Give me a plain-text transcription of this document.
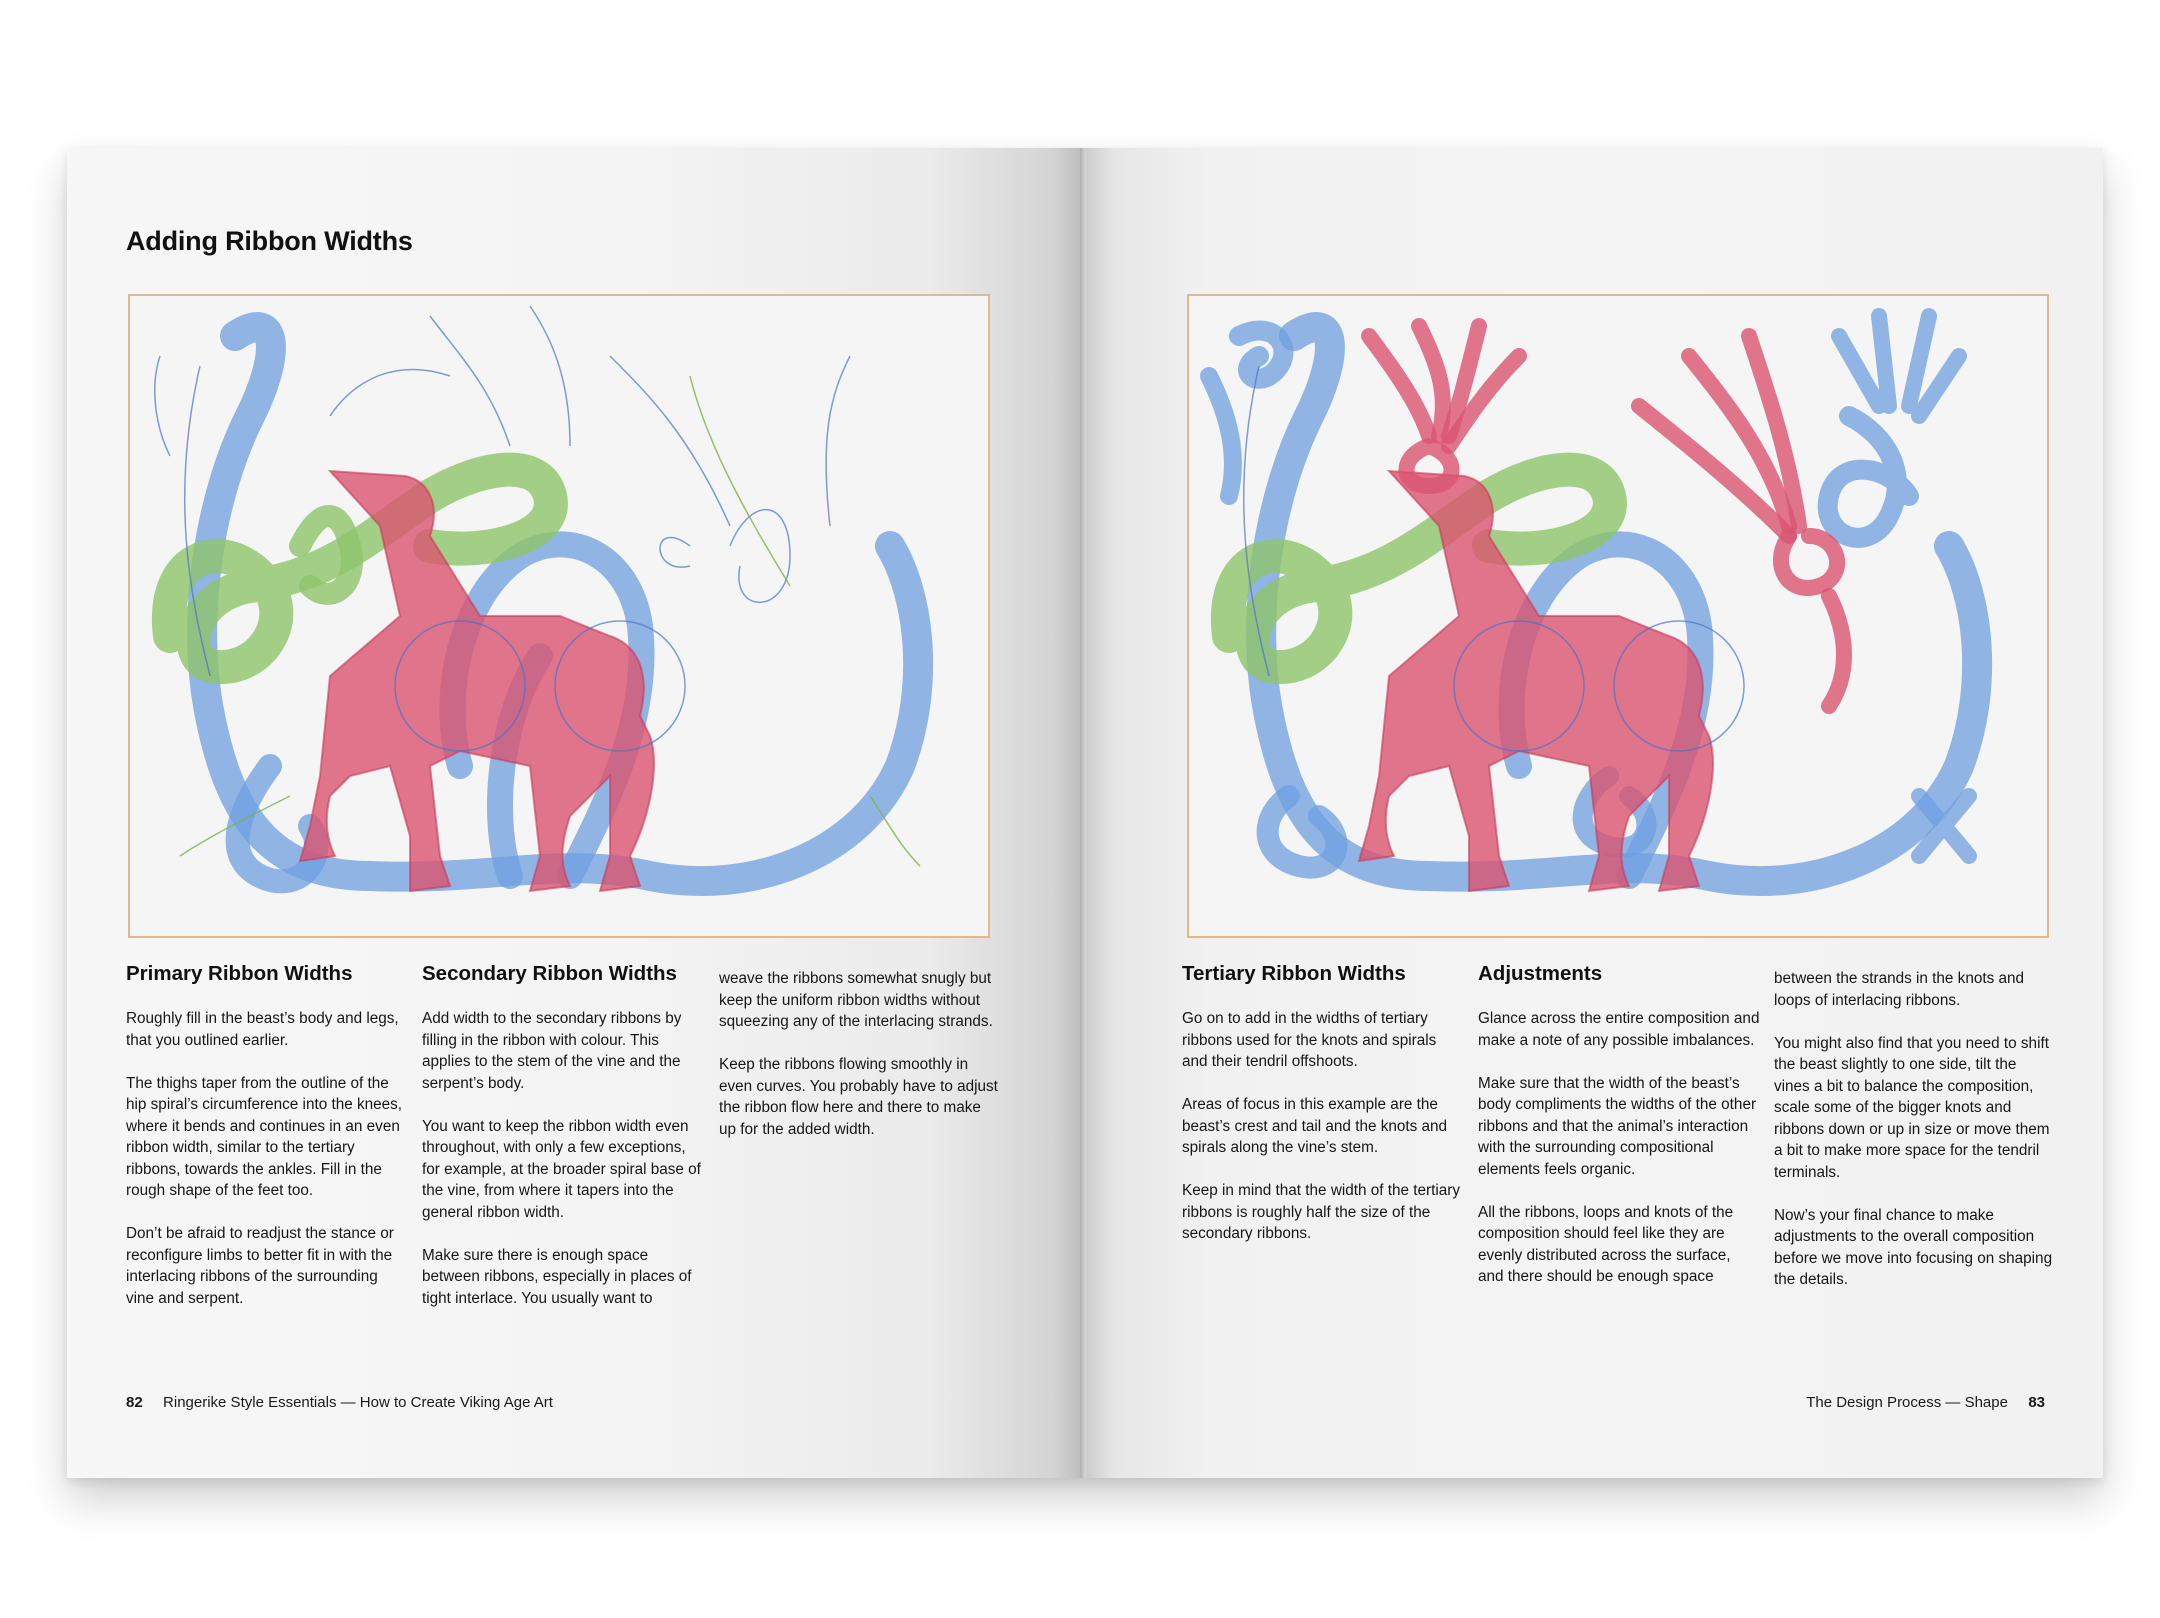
Adding Ribbon Widths
Primary Ribbon Widths

Roughly fill in the beast’s body and legs, that you outlined earlier.

The thighs taper from the outline of the hip spiral’s circumference into the knees, where it bends and continues in an even ribbon width, similar to the tertiary ribbons, towards the ankles. Fill in the rough shape of the feet too.

Don’t be afraid to readjust the stance or reconfigure limbs to better fit in with the interlacing ribbons of the surrounding vine and serpent.

Secondary Ribbon Widths

Add width to the secondary ribbons by filling in the ribbon with colour. This applies to the stem of the vine and the serpent’s body.

You want to keep the ribbon width even throughout, with only a few exceptions, for example, at the broader spiral base of the vine, from where it tapers into the general ribbon width.

Make sure there is enough space between ribbons, especially in places of tight interlace. You usually want to

weave the ribbons somewhat snugly but keep the uniform ribbon widths without squeezing any of the interlacing strands.

Keep the ribbons flowing smoothly in even curves. You probably have to adjust the ribbon flow here and there to make up for the added width.

82 Ringerike Style Essentials — How to Create Viking Age Art
Tertiary Ribbon Widths

Go on to add in the widths of tertiary ribbons used for the knots and spirals and their tendril offshoots.

Areas of focus in this example are the beast’s crest and tail and the knots and spirals along the vine’s stem.

Keep in mind that the width of the tertiary ribbons is roughly half the size of the secondary ribbons.

Adjustments

Glance across the entire composition and make a note of any possible imbalances.

Make sure that the width of the beast’s body compliments the widths of the other ribbons and that the animal’s interaction with the surrounding compositional elements feels organic.

All the ribbons, loops and knots of the composition should feel like they are evenly distributed across the surface, and there should be enough space

between the strands in the knots and loops of interlacing ribbons.

You might also find that you need to shift the beast slightly to one side, tilt the vines a bit to balance the composition, scale some of the bigger knots and ribbons down or up in size or move them a bit to make more space for the tendril terminals.

Now’s your final chance to make adjustments to the overall composition before we move into focusing on shaping the details.

The Design Process — Shape 83
